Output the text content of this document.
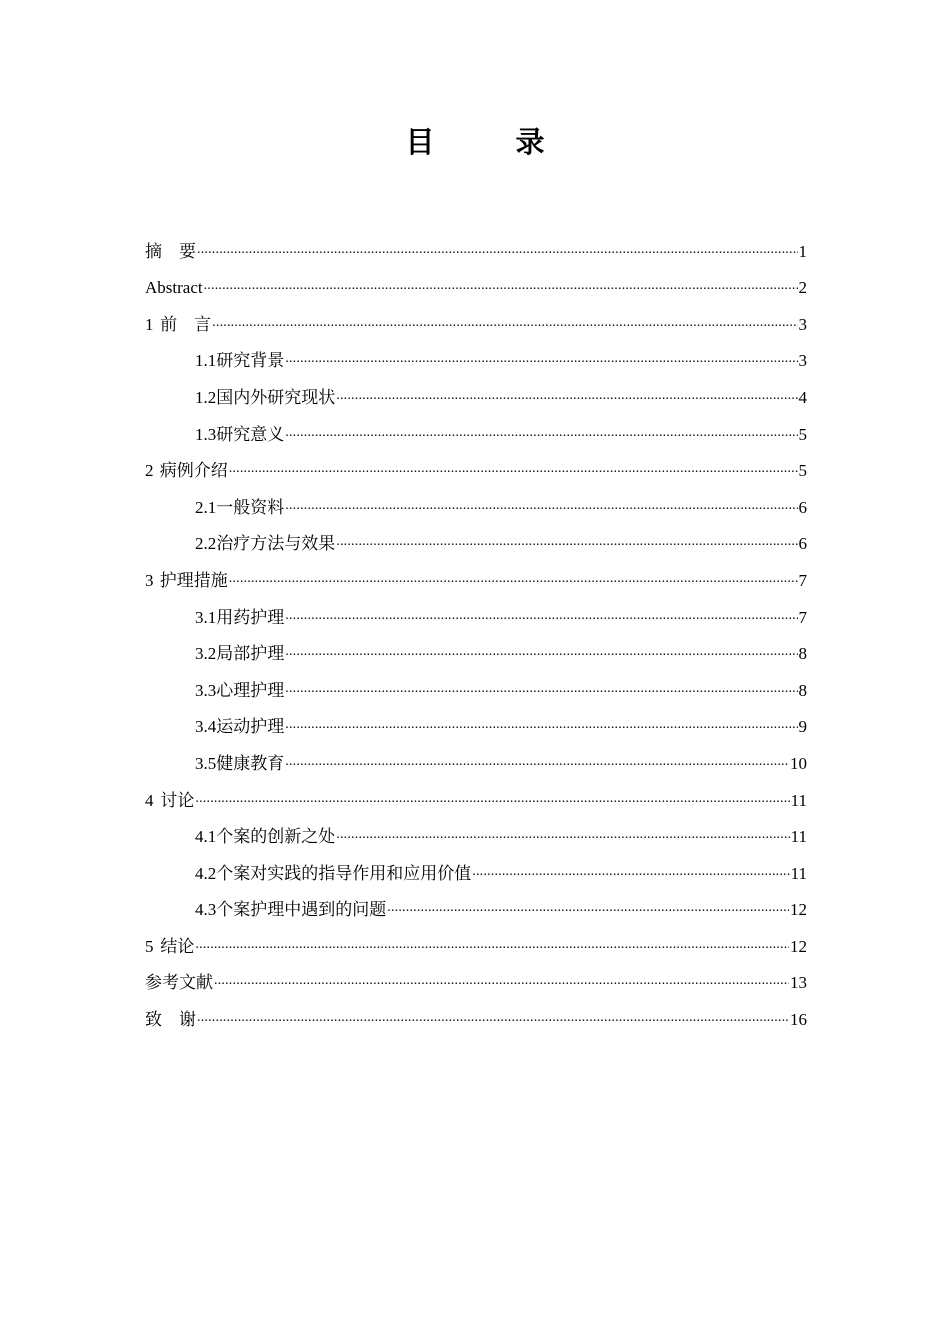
目　录
摘　要 .....	1
Abstract .....	2
1 前　言 .....	3
1.1 研究背景 .....	3
1.2 国内外研究现状 .....	4
1.3 研究意义 .....	5
2 病例介绍 .....	5
2.1 一般资料 .....	6
2.2 治疗方法与效果 .....	6
3 护理措施 .....	7
3.1 用药护理 .....	7
3.2 局部护理 .....	8
3.3 心理护理 .....	8
3.4 运动护理 .....	9
3.5 健康教育 .....	10
4 讨论 .....	11
4.1 个案的创新之处 .....	11
4.2 个案对实践的指导作用和应用价值 .....	11
4.3 个案护理中遇到的问题 .....	12
5 结论 .....	12
参考文献 .....	13
致　谢 .....	16
